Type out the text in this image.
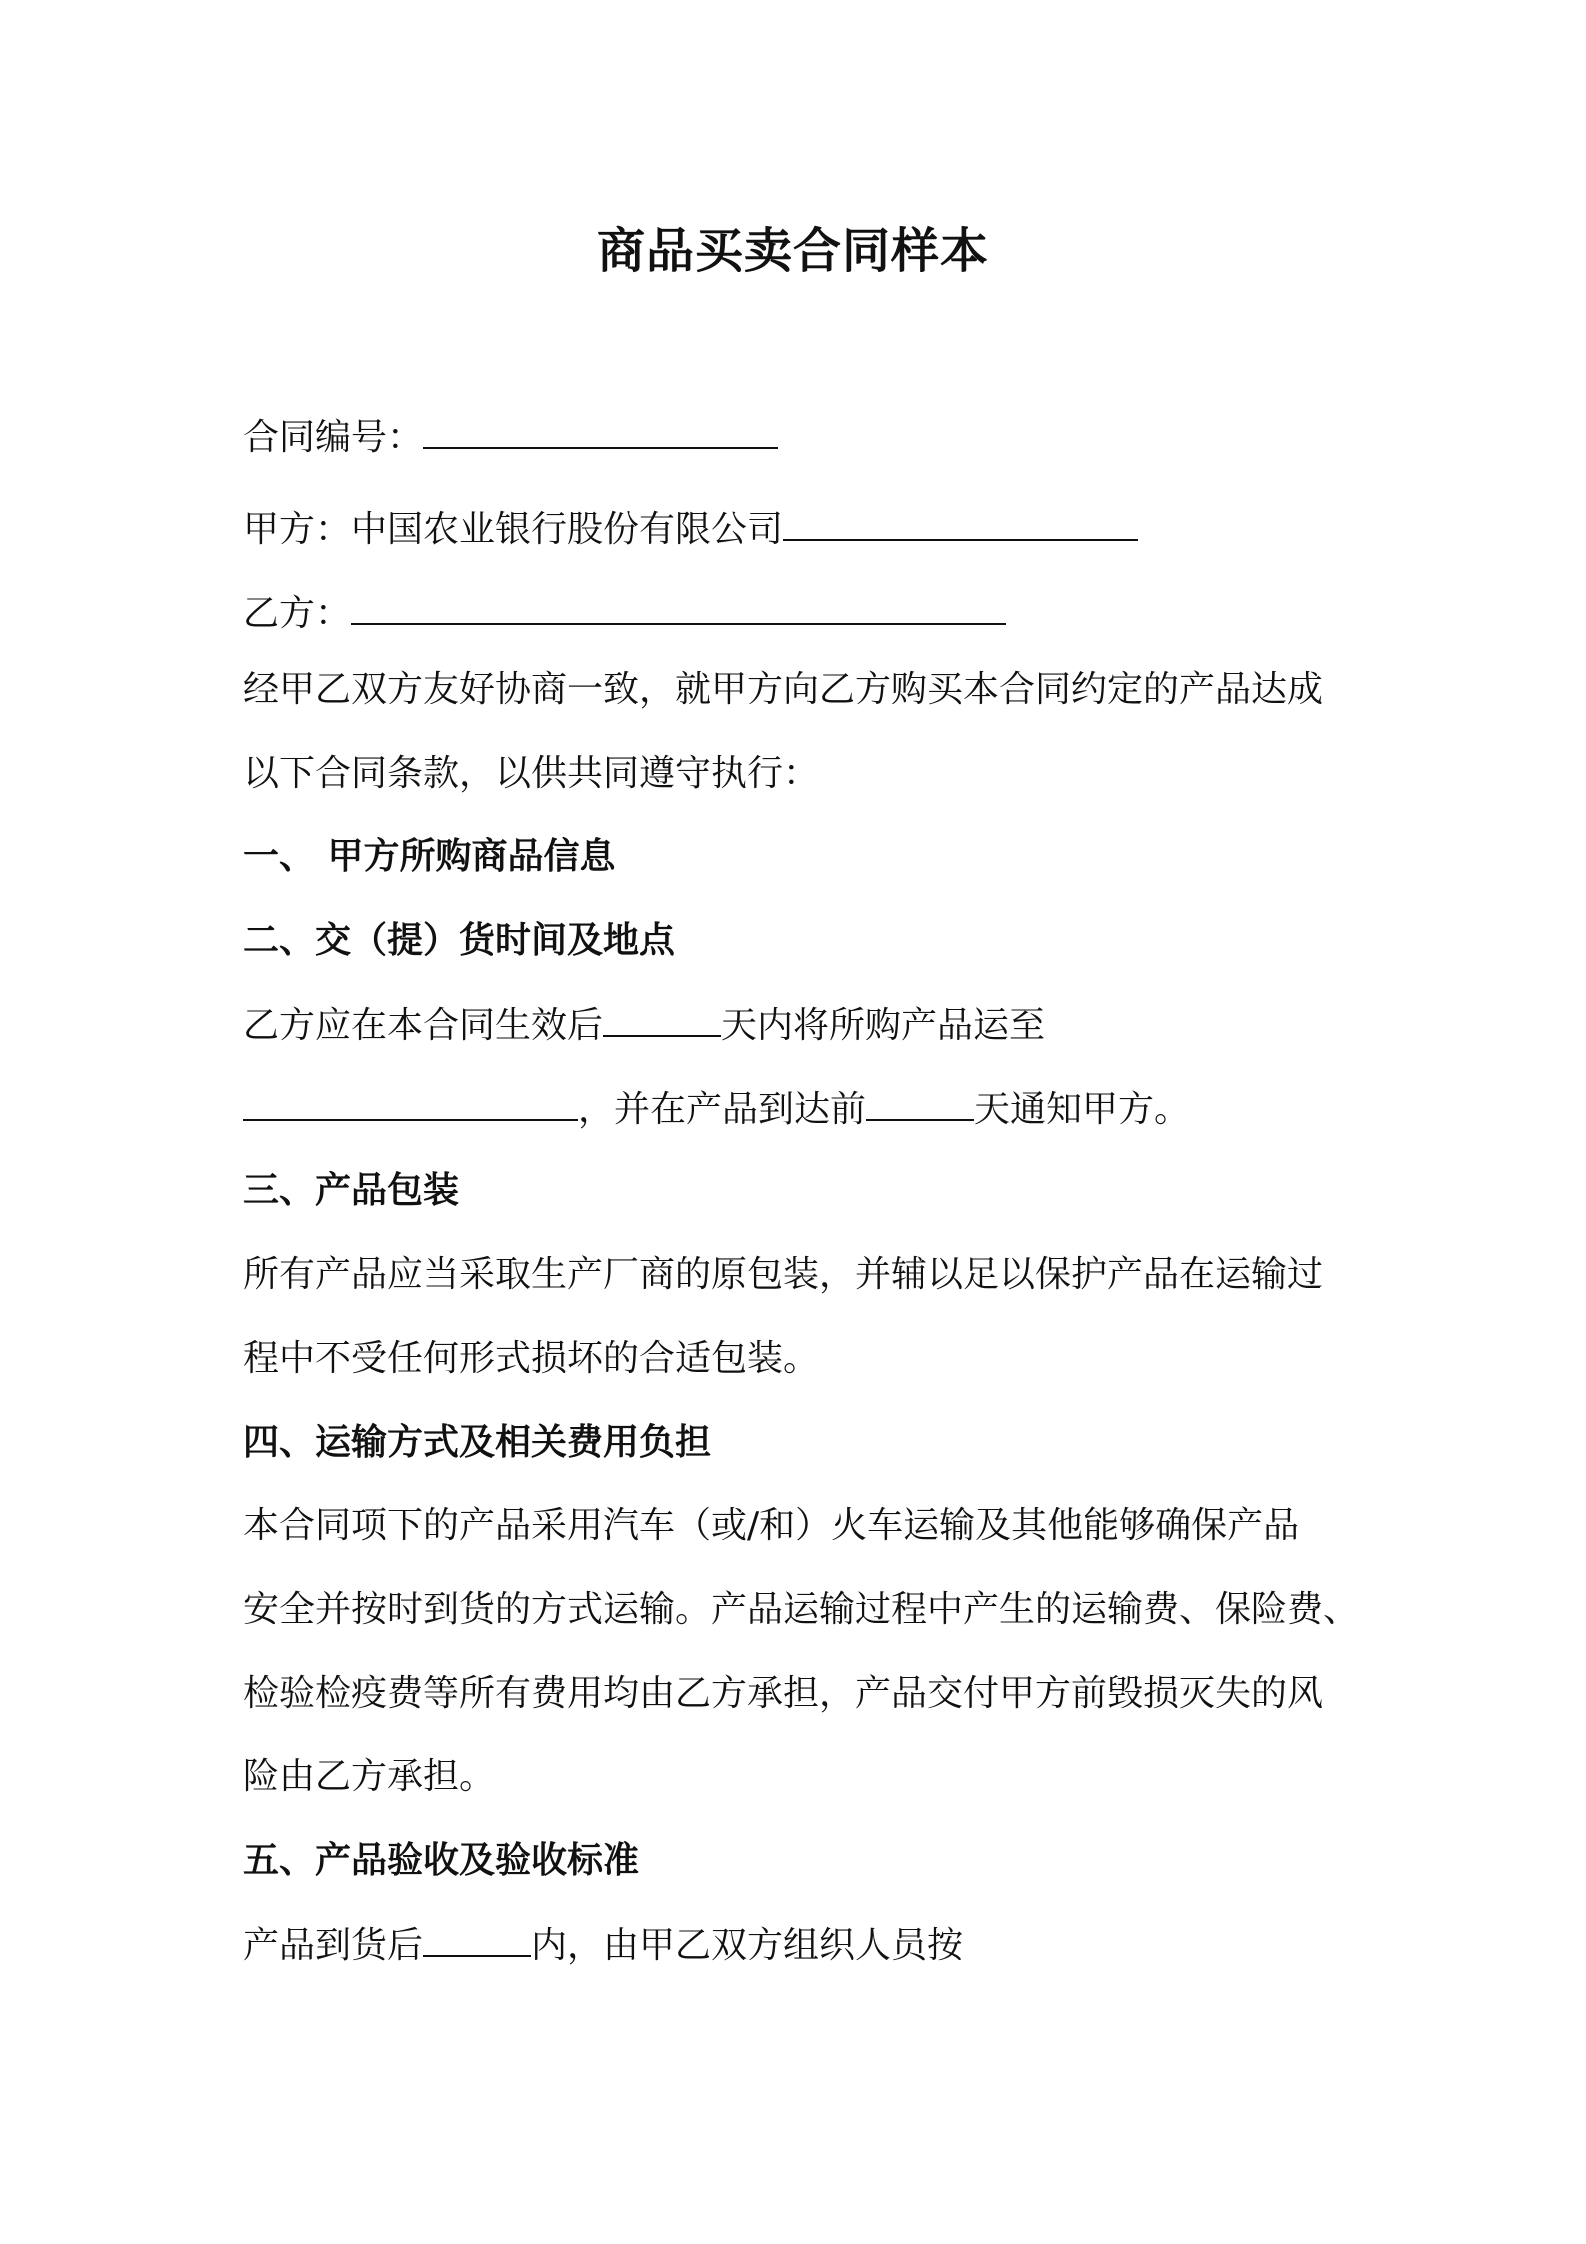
商品买卖合同样本

合同编号：

甲方：中国农业银行股份有限公司

乙方：

经甲乙双方友好协商一致，就甲方向乙方购买本合同约定的产品达成

以下合同条款，以供共同遵守执行：

一、 甲方所购商品信息

二、交（提）货时间及地点

乙方应在本合同生效后	天内将所购产品运至

，并在产品到达前	天通知甲方。

三、产品包装

所有产品应当采取生产厂商的原包装，并辅以足以保护产品在运输过

程中不受任何形式损坏的合适包装。

四、运输方式及相关费用负担

本合同项下的产品采用汽车（或/和）火车运输及其他能够确保产品

安全并按时到货的方式运输。产品运输过程中产生的运输费、保险费、

检验检疫费等所有费用均由乙方承担，产品交付甲方前毁损灭失的风

险由乙方承担。

五、产品验收及验收标准

产品到货后	内，由甲乙双方组织人员按
